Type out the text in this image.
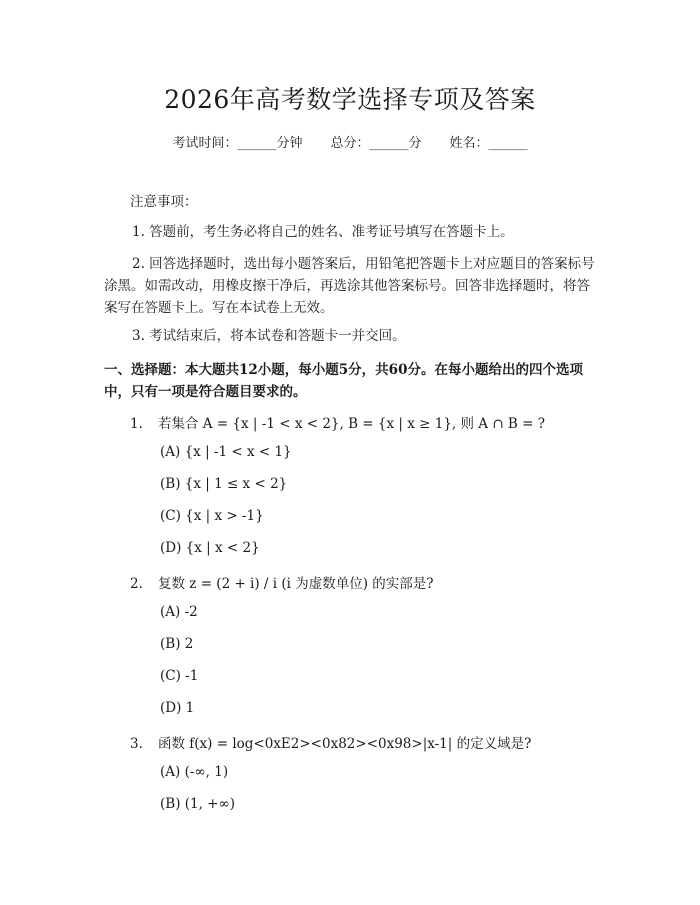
2026年高考数学选择专项及答案
考试时间：______分钟 总分：______分 姓名：______
注意事项：
1. 答题前，考生务必将自己的姓名、准考证号填写在答题卡上。
2. 回答选择题时，选出每小题答案后，用铅笔把答题卡上对应题目的答案标号涂黑。如需改动，用橡皮擦干净后，再选涂其他答案标号。回答非选择题时，将答案写在答题卡上。写在本试卷上无效。
3. 考试结束后，将本试卷和答题卡一并交回。
一、选择题：本大题共12小题，每小题5分，共60分。在每小题给出的四个选项中，只有一项是符合题目要求的。
1. 若集合 A = {x | -1 < x < 2}, B = {x | x ≥ 1}, 则 A ∩ B = ?
(A) {x | -1 < x < 1}
(B) {x | 1 ≤ x < 2}
(C) {x | x > -1}
(D) {x | x < 2}
2. 复数 z = (2 + i) / i (i 为虚数单位) 的实部是?
(A) -2
(B) 2
(C) -1
(D) 1
3. 函数 f(x) = log<0xE2><0x82><0x98>|x-1| 的定义域是?
(A) (-∞, 1)
(B) (1, +∞)
